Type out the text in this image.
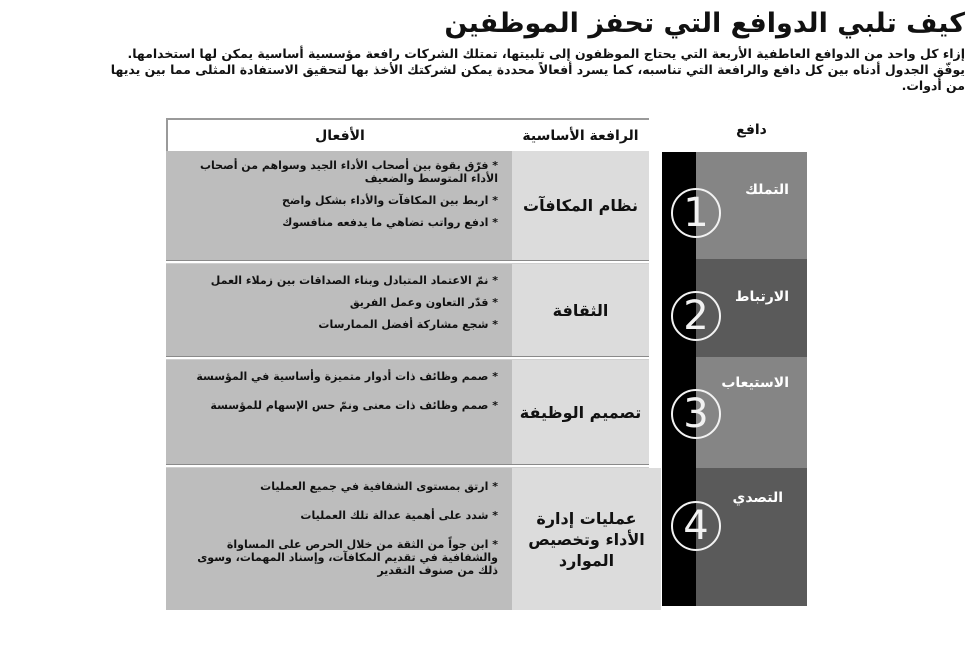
كيف تلبي الدوافع التي تحفز الموظفين

إزاء كل واحد من الدوافع العاطفية الأربعة التي يحتاج الموظفون إلى تلبيتها، تمتلك الشركات رافعة مؤسسية أساسية يمكن لها استخدامها.

يوفّق الجدول أدناه بين كل دافع والرافعة التي تناسبه، كما يسرد أفعالاً محددة يمكن لشركتك الأخذ بها لتحقيق الاستفادة المثلى مما بين يديها

من أدوات.

الأفعال	الرافعة الأساسية
* فرّق بقوة بين أصحاب الأداء الجيد وسواهم من أصحاب الأداء المتوسط والضعيف
* اربط بين المكافآت والأداء بشكل واضح
* ادفع رواتب تضاهي ما يدفعه منافسوك
نظام المكافآت
* نمّ الاعتماد المتبادل وبناء الصداقات بين زملاء العمل
* قدّر التعاون وعمل الفريق
* شجع مشاركة أفضل الممارسات
الثقافة
* صمم وظائف ذات أدوار متميزة وأساسية في المؤسسة
* صمم وظائف ذات معنى ونمّ حس الإسهام للمؤسسة	تصميم الوظيفة
* ارتق بمستوى الشفافية في جميع العمليات
* شدد على أهمية عدالة تلك العمليات
* ابن جواً من الثقة من خلال الحرص على المساواة والشفافية في تقديم المكافآت، وإسناد المهمات، وسوى ذلك من صنوف التقدير
عمليات إدارة الأداء وتخصيص الموارد
دافع
التملك
الارتباط
الاستيعاب
التصدي
1
2
3
4
